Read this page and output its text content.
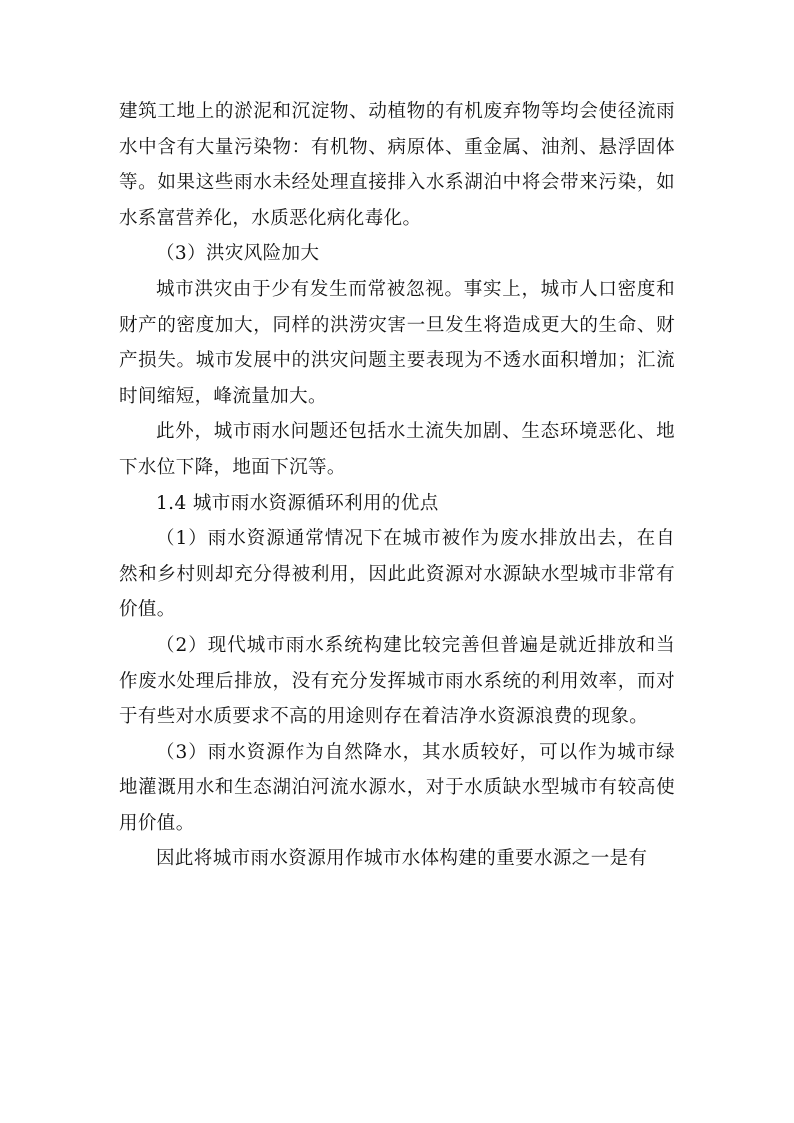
建筑工地上的淤泥和沉淀物、动植物的有机废弃物等均会使径流雨水中含有大量污染物：有机物、病原体、重金属、油剂、悬浮固体等。如果这些雨水未经处理直接排入水系湖泊中将会带来污染，如水系富营养化，水质恶化病化毒化。

（3）洪灾风险加大

城市洪灾由于少有发生而常被忽视。事实上，城市人口密度和财产的密度加大，同样的洪涝灾害一旦发生将造成更大的生命、财产损失。城市发展中的洪灾问题主要表现为不透水面积增加；汇流时间缩短，峰流量加大。

此外，城市雨水问题还包括水土流失加剧、生态环境恶化、地下水位下降，地面下沉等。

1.4 城市雨水资源循环利用的优点

（1）雨水资源通常情况下在城市被作为废水排放出去，在自然和乡村则却充分得被利用，因此此资源对水源缺水型城市非常有价值。

（2）现代城市雨水系统构建比较完善但普遍是就近排放和当作废水处理后排放，没有充分发挥城市雨水系统的利用效率，而对于有些对水质要求不高的用途则存在着洁净水资源浪费的现象。

（3）雨水资源作为自然降水，其水质较好，可以作为城市绿地灌溉用水和生态湖泊河流水源水，对于水质缺水型城市有较高使用价值。

因此将城市雨水资源用作城市水体构建的重要水源之一是有
